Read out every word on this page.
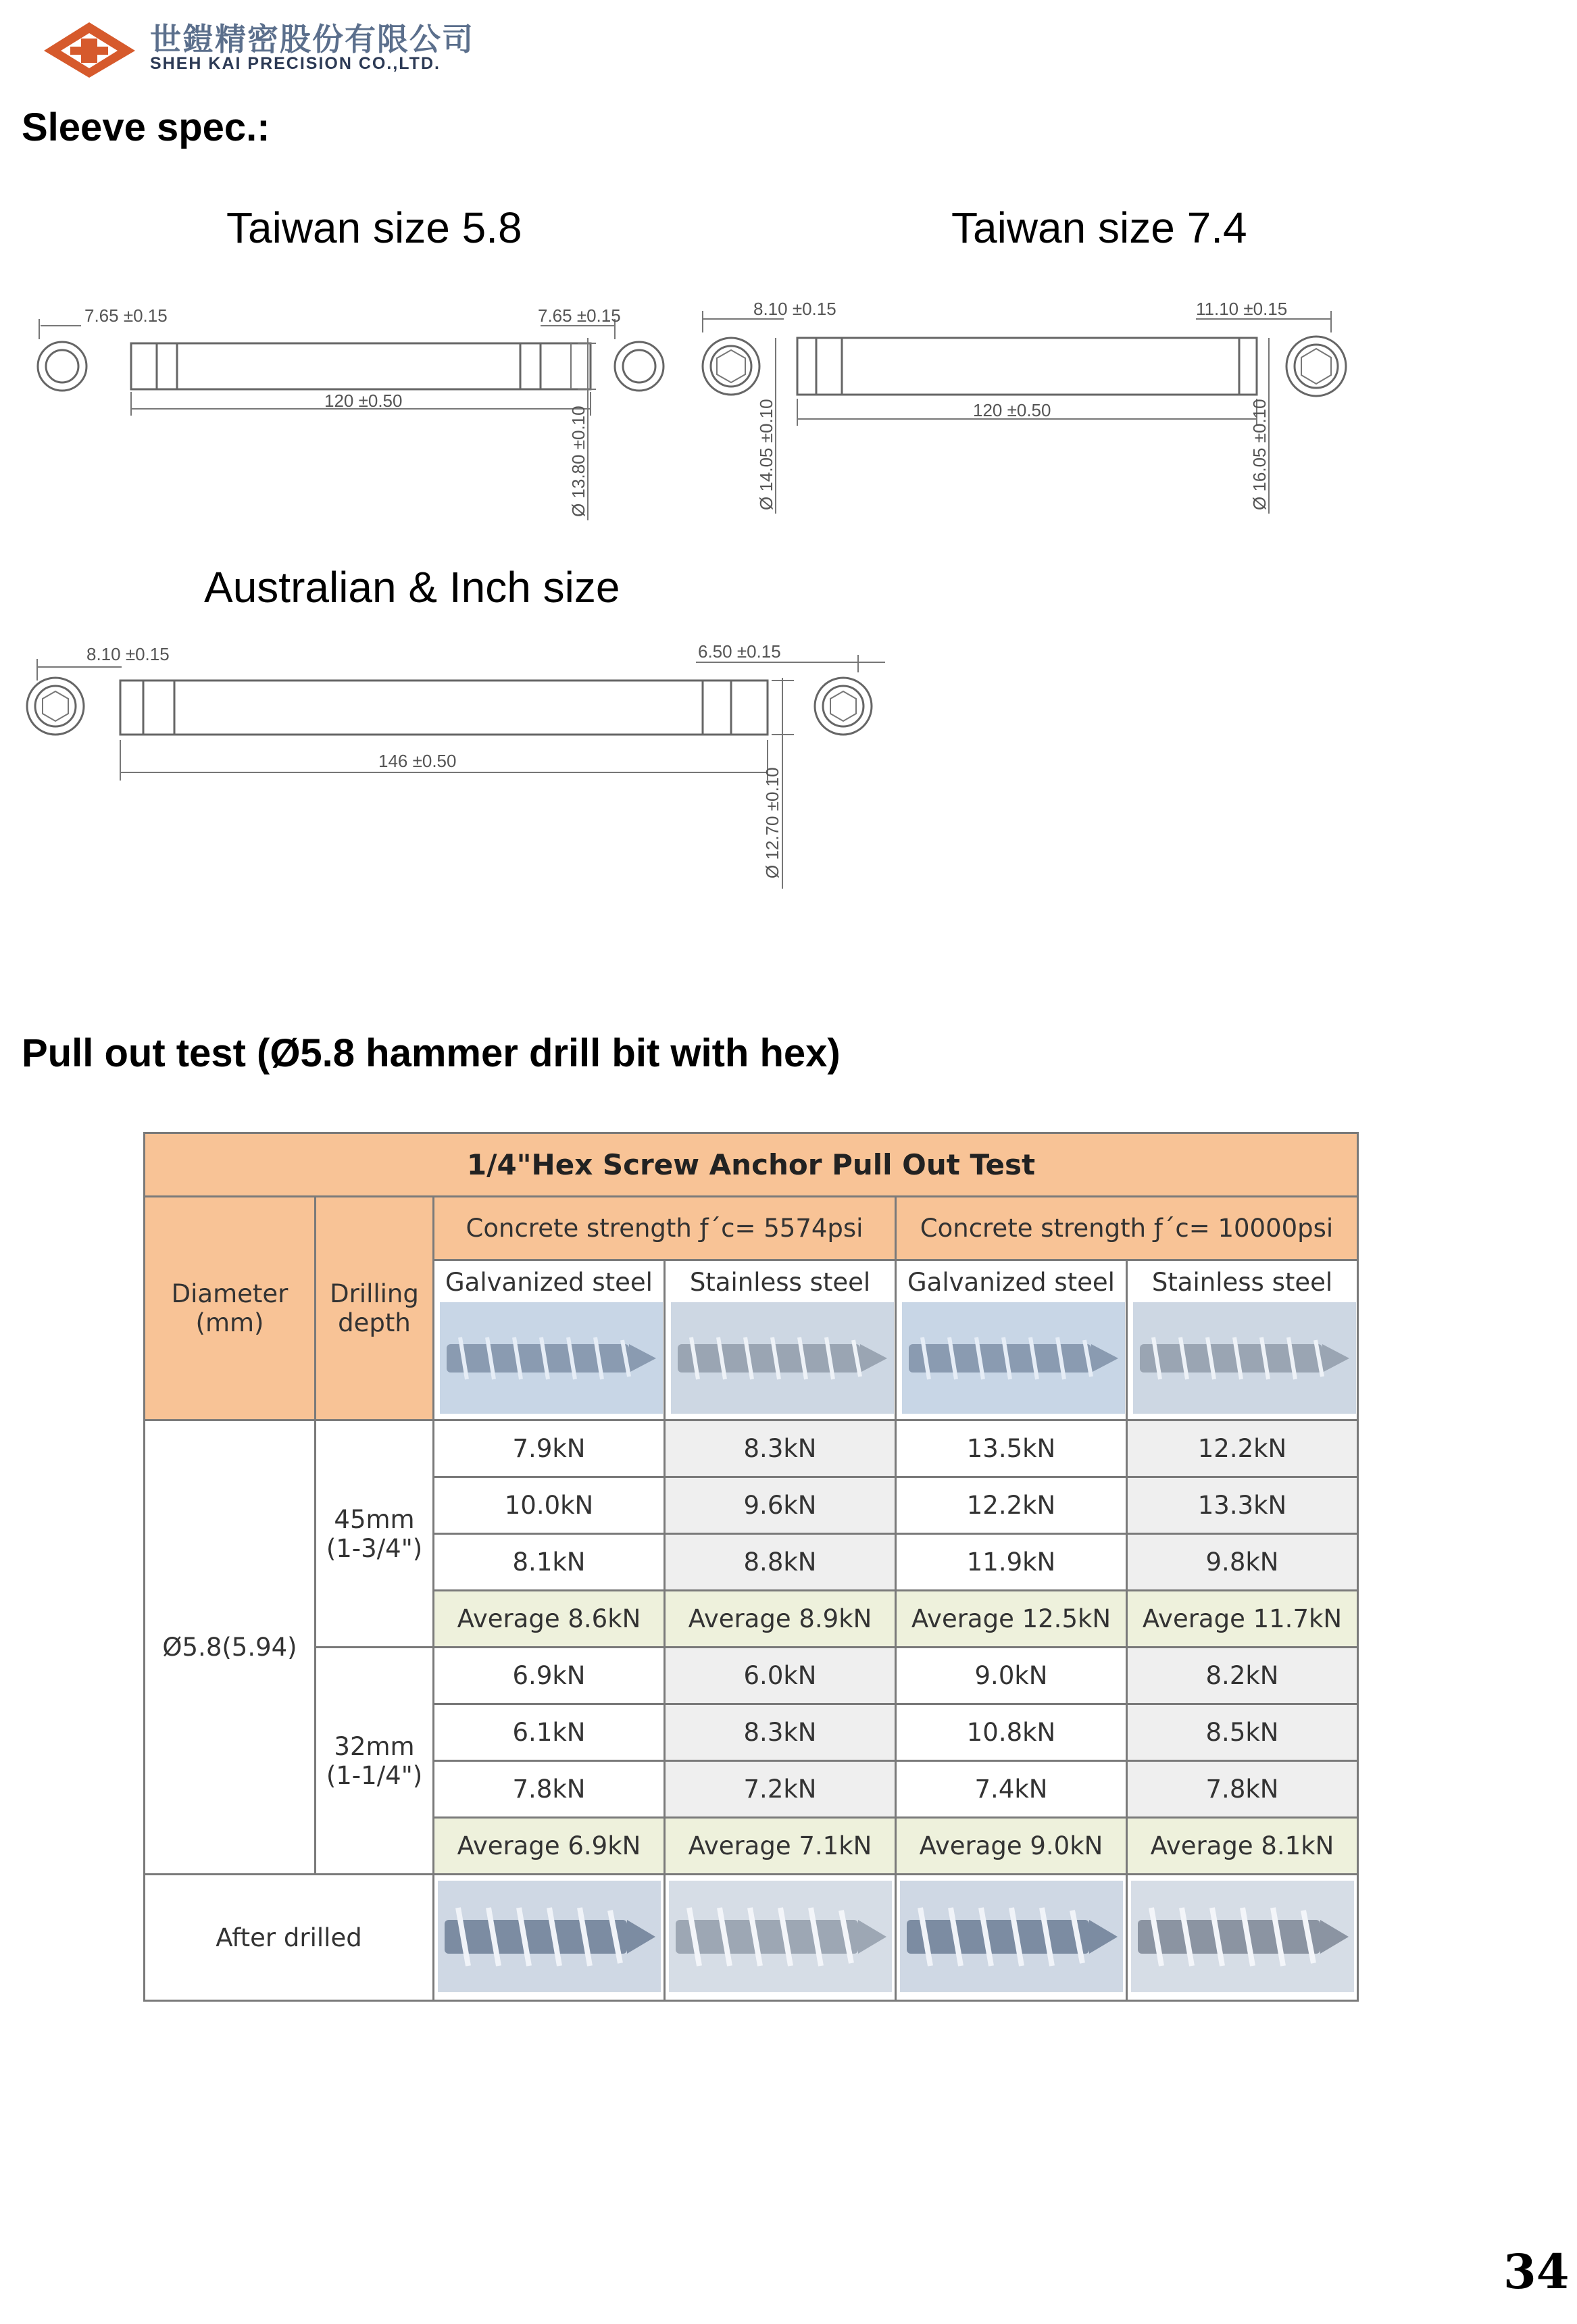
世鎧精密股份有限公司
SHEH KAI PRECISION CO.,LTD.
Sleeve spec.:
Taiwan size 5.8	Taiwan size 7.4
Australian & Inch size
7.65 ±0.15	7.65 ±0.15
120 ±0.50
Ø 13.80 ±0.10
8.10 ±0.15	11.10 ±0.15
120 ±0.50
Ø 14.05 ±0.10	Ø 16.05 ±0.10
8.10 ±0.15	6.50 ±0.15
146 ±0.50
Ø 12.70 ±0.10
Pull out test (Ø5.8 hammer drill bit with hex)
1/4"Hex Screw Anchor Pull Out Test					
Diameter (mm)	Drilling depth	Concrete strength ƒ΄c= 5574psi		Concrete strength ƒ΄c= 10000psi	

		Galvanized steel	Stainless steel	Galvanized steel	Stainless steel

Ø5.8(5.94)	45mm (1-3/4")	7.9kN	8.3kN	13.5kN	12.2kN
		10.0kN	9.6kN	12.2kN	13.3kN
		8.1kN	8.8kN	11.9kN	9.8kN
		Average 8.6kN	Average 8.9kN	Average 12.5kN	Average 11.7kN
	32mm (1-1/4")	6.9kN	6.0kN	9.0kN	8.2kN
		6.1kN	8.3kN	10.8kN	8.5kN
		7.8kN	7.2kN	7.4kN	7.8kN
		Average 6.9kN	Average 7.1kN	Average 9.0kN	Average 8.1kN
After drilled	

34
